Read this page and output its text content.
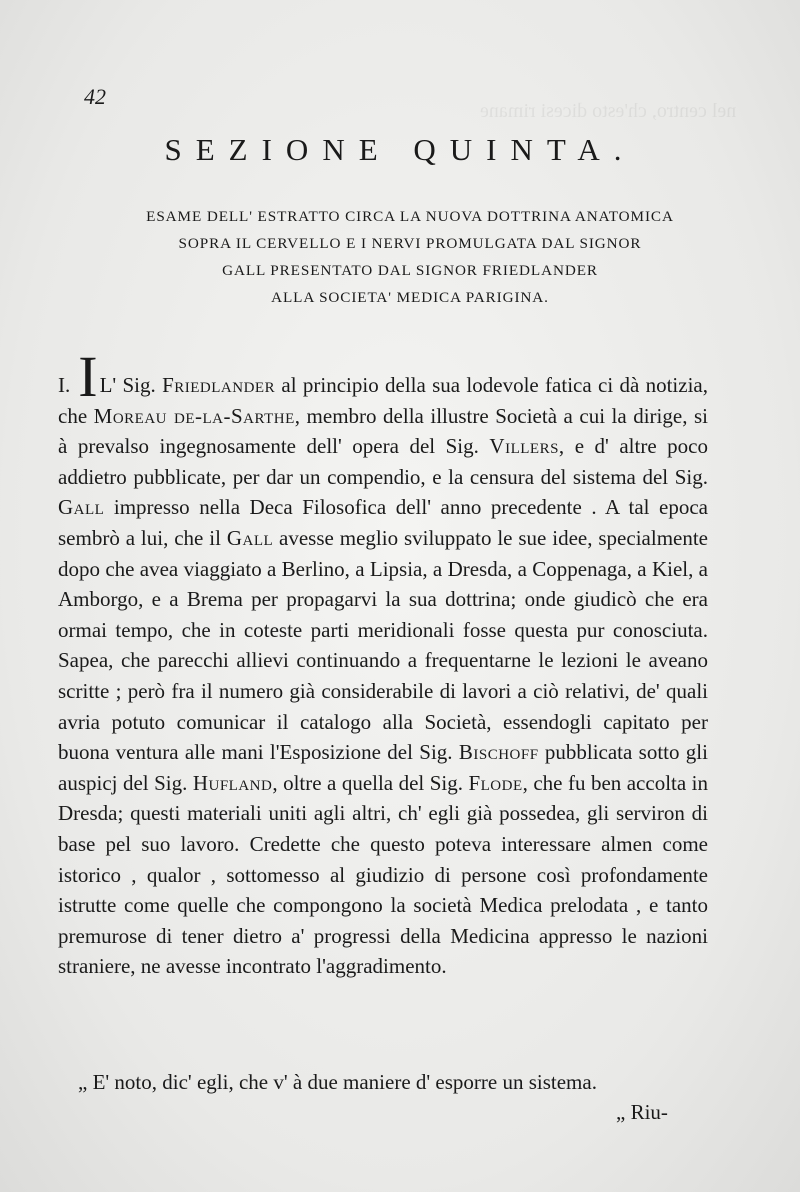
nel centro, ch'esto dicesi rimane
42
SEZIONE QUINTA.
ESAME DELL' ESTRATTO CIRCA LA NUOVA DOTTRINA ANATOMICA
SOPRA IL CERVELLO E I NERVI PROMULGATA DAL SIGNOR
GALL PRESENTATO DAL SIGNOR FRIEDLANDER
ALLA SOCIETA' MEDICA PARIGINA.
I. IL' Sig. Friedlander al principio della sua lodevole fatica ci dà notizia, che Moreau de-la-Sarthe, membro della illustre Società a cui la dirige, si à prevalso ingegnosamente dell' opera del Sig. Villers, e d' altre poco addietro pubblicate, per dar un compendio, e la censura del sistema del Sig. Gall impresso nella Deca Filosofica dell' anno precedente . A tal epoca sembrò a lui, che il Gall avesse meglio sviluppato le sue idee, specialmente dopo che avea viaggiato a Berlino, a Lipsia, a Dresda, a Coppenaga, a Kiel, a Amborgo, e a Brema per propagarvi la sua dottrina; onde giudicò che era ormai tempo, che in coteste parti meridionali fosse questa pur conosciuta. Sapea, che parecchi allievi continuando a frequentarne le lezioni le aveano scritte ; però fra il numero già considerabile di lavori a ciò relativi, de' quali avria potuto comunicar il catalogo alla Società, essendogli capitato per buona ventura alle mani l'Esposizione del Sig. Bischoff pubblicata sotto gli auspicj del Sig. Hufland, oltre a quella del Sig. Flode, che fu ben accolta in Dresda; questi materiali uniti agli altri, ch' egli già possedea, gli serviron di base pel suo lavoro. Credette che questo poteva interessare almen come istorico , qualor , sottomesso al giudizio di persone così profondamente istrutte come quelle che compongono la società Medica prelodata , e tanto premurose di tener dietro a' progressi della Medicina appresso le nazioni straniere, ne avesse incontrato l'aggradimento.
„ E' noto, dic' egli, che v' à due maniere d' esporre un sistema.
„ Riu-
